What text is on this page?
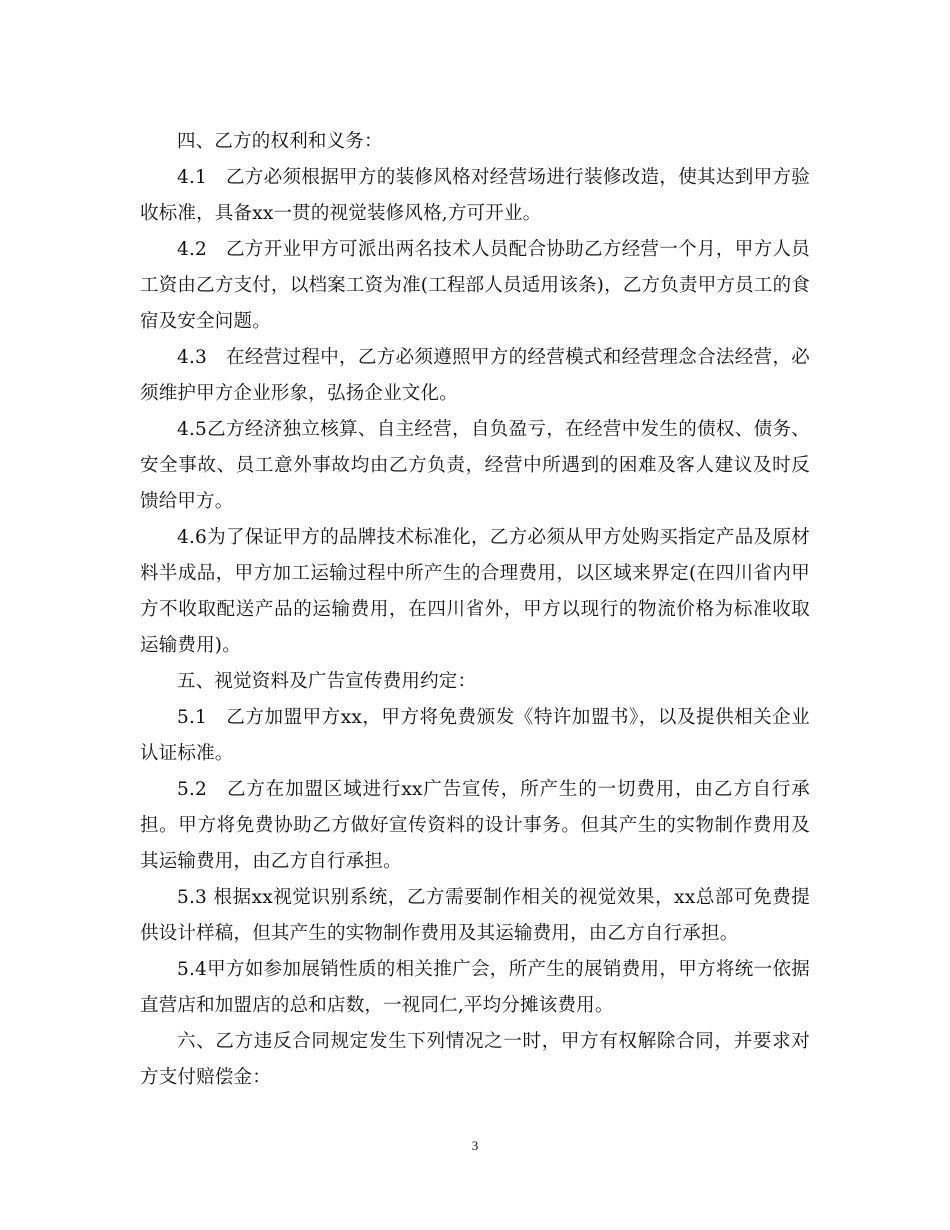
四、乙方的权利和义务：

4.1　乙方必须根据甲方的装修风格对经营场进行装修改造，使其达到甲方验收标准，具备xx一贯的视觉装修风格,方可开业。

4.2　乙方开业甲方可派出两名技术人员配合协助乙方经营一个月，甲方人员工资由乙方支付，以档案工资为准(工程部人员适用该条)，乙方负责甲方员工的食宿及安全问题。

4.3　在经营过程中，乙方必须遵照甲方的经营模式和经营理念合法经营，必须维护甲方企业形象，弘扬企业文化。

4.5乙方经济独立核算、自主经营，自负盈亏，在经营中发生的债权、债务、安全事故、员工意外事故均由乙方负责，经营中所遇到的困难及客人建议及时反馈给甲方。

4.6为了保证甲方的品牌技术标准化，乙方必须从甲方处购买指定产品及原材料半成品，甲方加工运输过程中所产生的合理费用，以区域来界定(在四川省内甲方不收取配送产品的运输费用，在四川省外，甲方以现行的物流价格为标准收取运输费用)。

五、视觉资料及广告宣传费用约定：

5.1　乙方加盟甲方xx，甲方将免费颁发《特许加盟书》，以及提供相关企业认证标准。

5.2　乙方在加盟区域进行xx广告宣传，所产生的一切费用，由乙方自行承担。甲方将免费协助乙方做好宣传资料的设计事务。但其产生的实物制作费用及其运输费用，由乙方自行承担。

5.3 根据xx视觉识别系统，乙方需要制作相关的视觉效果，xx总部可免费提供设计样稿，但其产生的实物制作费用及其运输费用，由乙方自行承担。

5.4甲方如参加展销性质的相关推广会，所产生的展销费用，甲方将统一依据直营店和加盟店的总和店数，一视同仁,平均分摊该费用。

六、乙方违反合同规定发生下列情况之一时，甲方有权解除合同，并要求对方支付赔偿金：

3
